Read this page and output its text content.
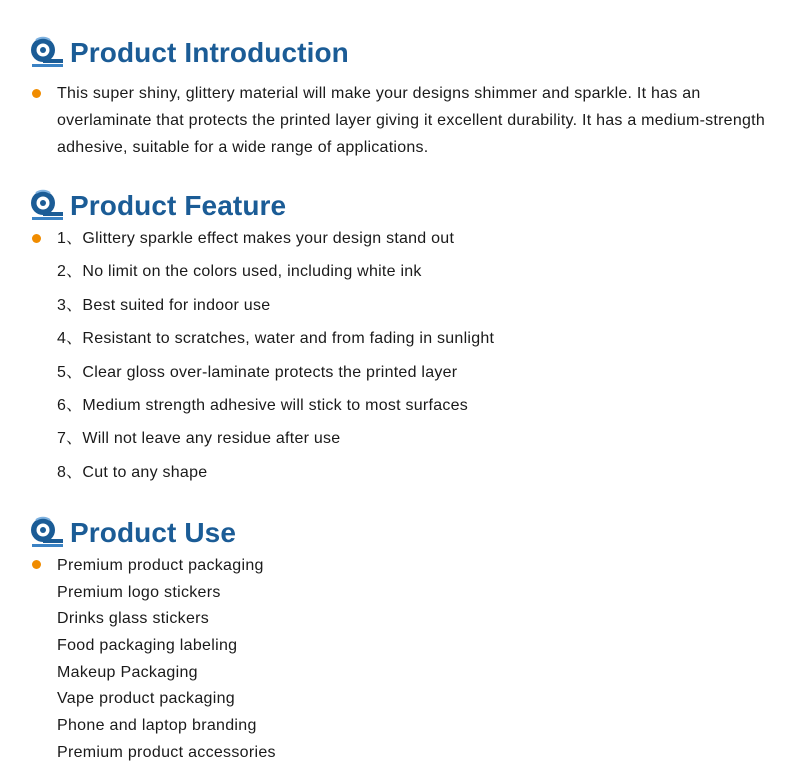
Product Introduction

This super shiny, glittery material will make your designs shimmer and sparkle. It has an overlaminate that protects the printed layer giving it excellent durability. It has a medium-strength adhesive, suitable for a wide range of applications.

Product Feature
1、Glittery sparkle effect makes your design stand out
2、No limit on the colors used, including white ink
3、Best suited for indoor use
4、Resistant to scratches, water and from fading in sunlight
5、Clear gloss over-laminate protects the printed layer
6、Medium strength adhesive will stick to most surfaces
7、Will not leave any residue after use
8、Cut to any shape
Product Use
Premium product packaging
Premium logo stickers
Drinks glass stickers
Food packaging labeling
Makeup Packaging
Vape product packaging
Phone and laptop branding
Premium product accessories
